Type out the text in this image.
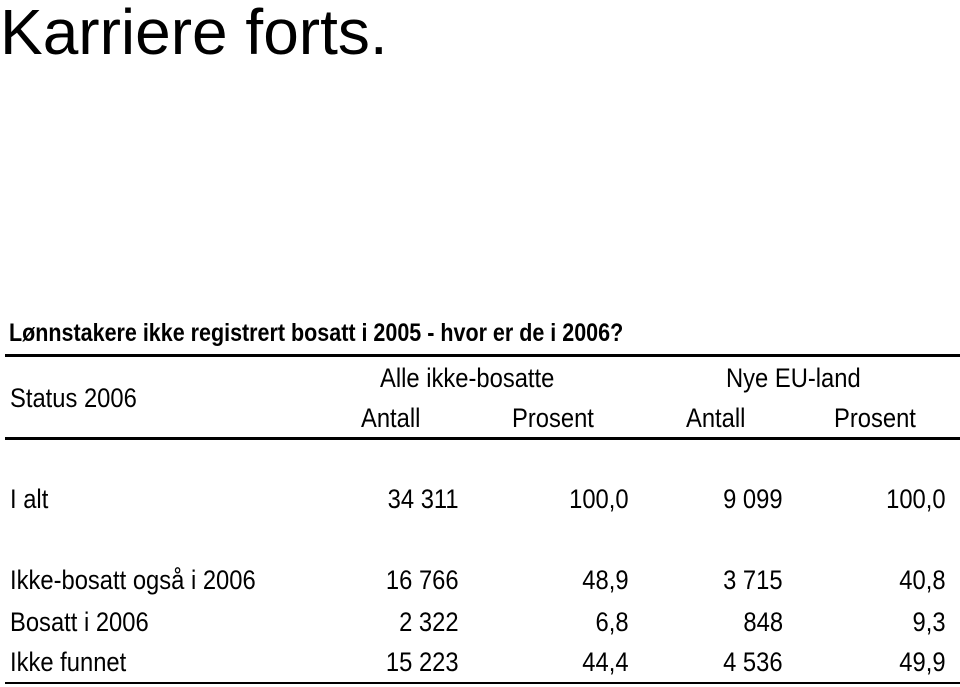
Karriere forts.
Lønnstakere ikke registrert bosatt i 2005 - hvor er de i 2006?
Status 2006
Alle ikke-bosatte	Nye EU-land
Antall	Prosent	Antall	Prosent
I alt	34 311	100,0	9 099	100,0
Ikke-bosatt også i 2006	16 766	48,9	3 715	40,8
Bosatt i 2006	2 322	6,8	848	9,3
Ikke funnet	15 223	44,4	4 536	49,9
